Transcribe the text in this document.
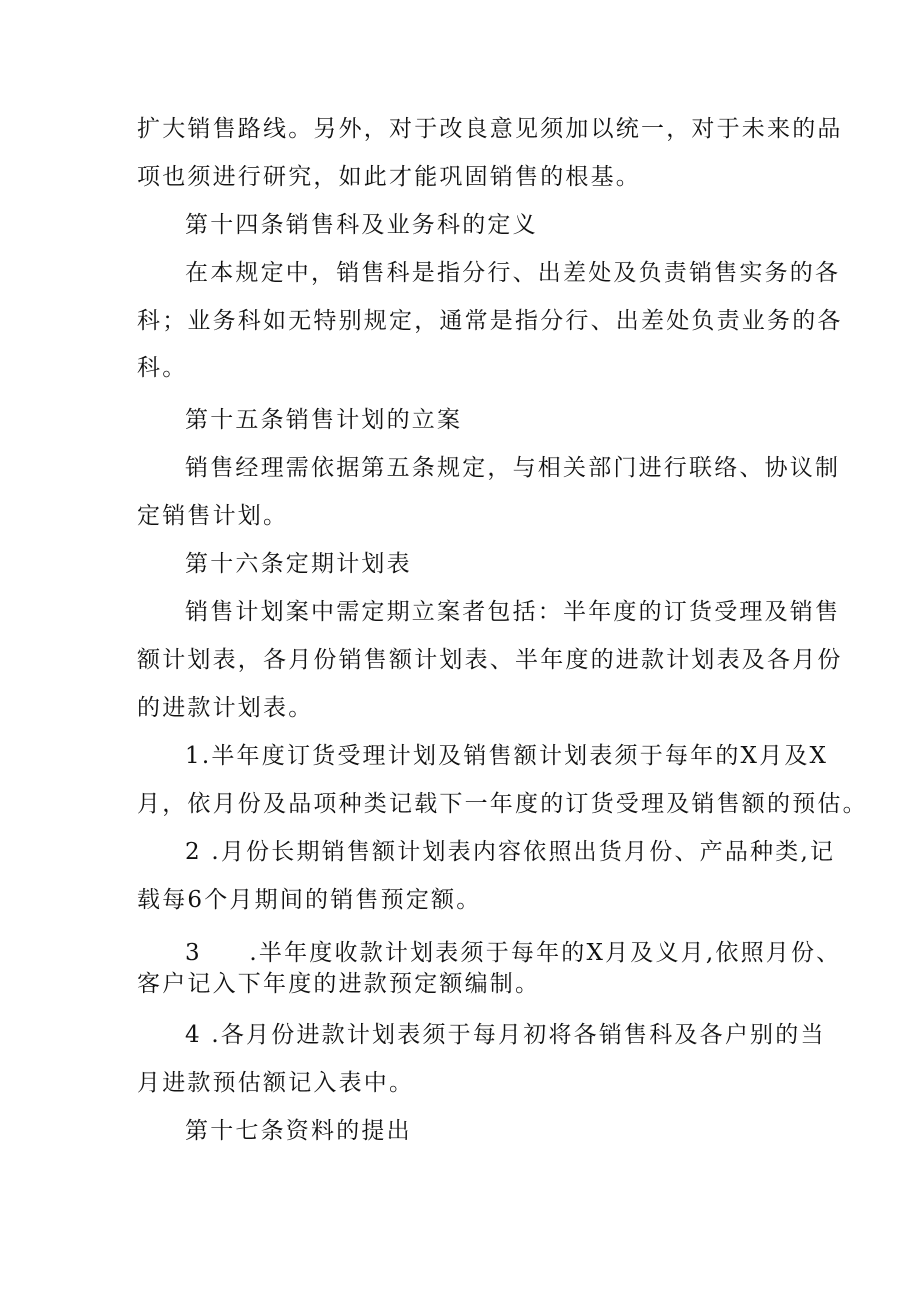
扩大销售路线。另外，对于改良意见须加以统一，对于未来的品

项也须进行研究，如此才能巩固销售的根基。

第十四条销售科及业务科的定义

在本规定中，销售科是指分行、出差处及负责销售实务的各

科；业务科如无特别规定，通常是指分行、出差处负责业务的各

科。

第十五条销售计划的立案

销售经理需依据第五条规定，与相关部门进行联络、协议制

定销售计划。

第十六条定期计划表

销售计划案中需定期立案者包括：半年度的订货受理及销售

额计划表，各月份销售额计划表、半年度的进款计划表及各月份

的进款计划表。

1.半年度订货受理计划及销售额计划表须于每年的X月及X

月，依月份及品项种类记载下一年度的订货受理及销售额的预估。

2 .月份长期销售额计划表内容依照出货月份、产品种类,记

载每6个月期间的销售预定额。

3     .半年度收款计划表须于每年的X月及义月,依照月份、

客户记入下年度的进款预定额编制。

4 .各月份进款计划表须于每月初将各销售科及各户别的当

月进款预估额记入表中。

第十七条资料的提出
